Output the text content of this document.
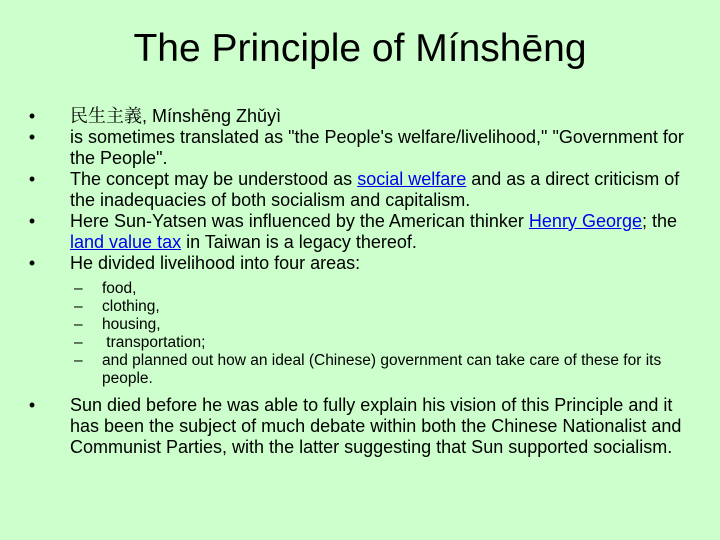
The Principle of Mínshēng
• 民生主義, Mínshēng Zhǔyì
• is sometimes translated as "the People's welfare/livelihood," "Government for the People".
• The concept may be understood as social welfare and as a direct criticism of the inadequacies of both socialism and capitalism.
• Here Sun-Yatsen was influenced by the American thinker Henry George; the land value tax in Taiwan is a legacy thereof.
• He divided livelihood into four areas:
– food,
– clothing,
– housing,
– transportation;
– and planned out how an ideal (Chinese) government can take care of these for its people.
• Sun died before he was able to fully explain his vision of this Principle and it has been the subject of much debate within both the Chinese Nationalist and Communist Parties, with the latter suggesting that Sun supported socialism.
